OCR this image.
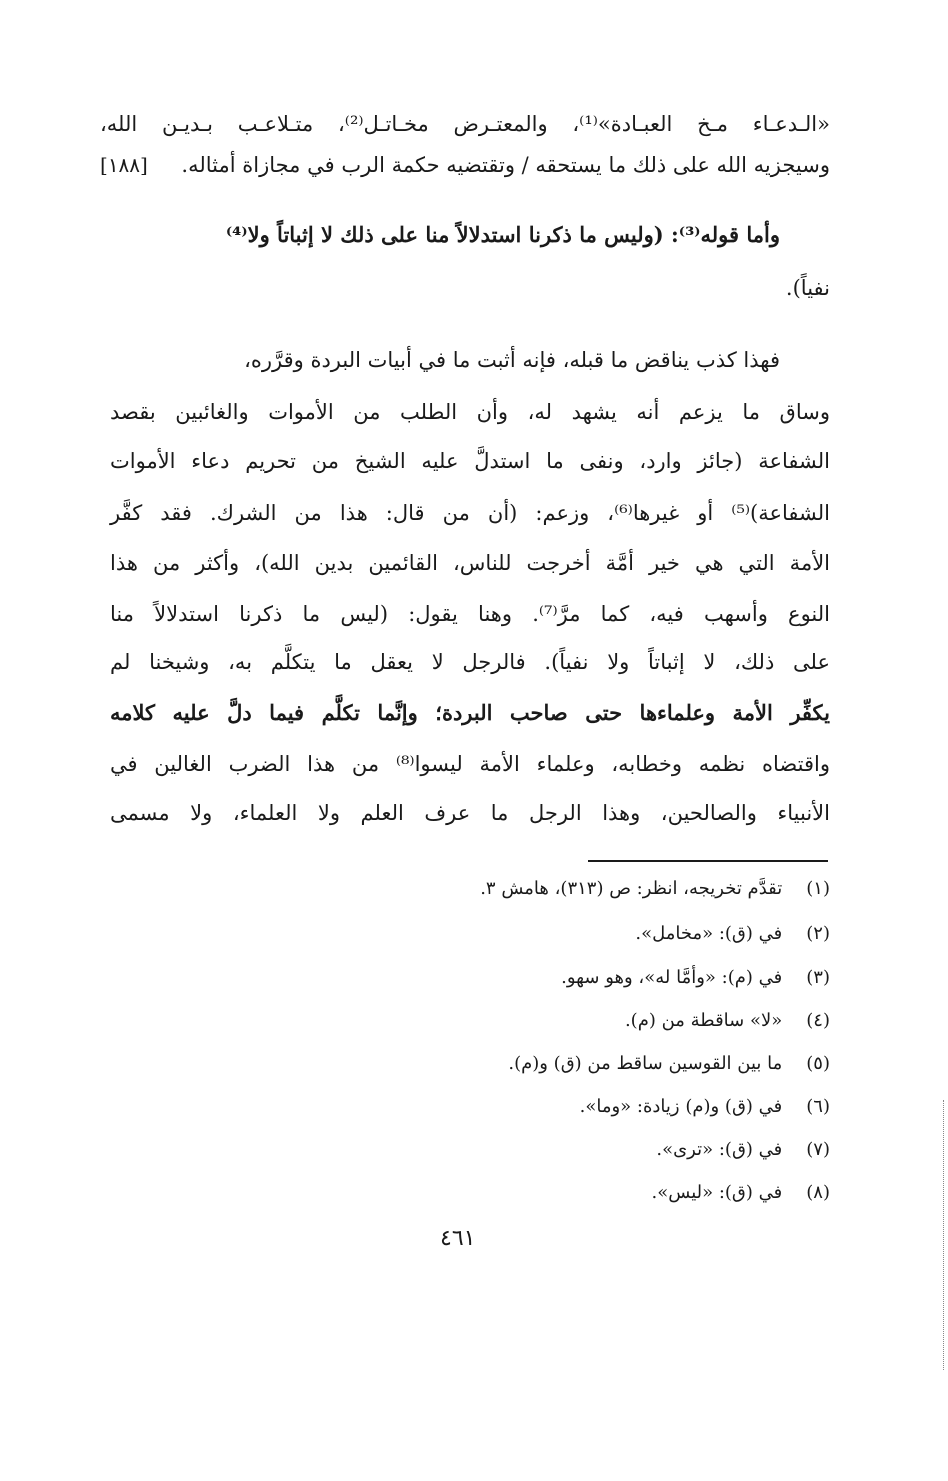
«الـدعـاء مـخ العبـادة»⁽¹⁾، والمعتـرض مخـاتـل⁽²⁾، متـلاعـب بـديـن الله،
وسيجزيه الله على ذلك ما يستحقه / وتقتضيه حكمة الرب في مجازاة أمثاله.
[١٨٨]
وأما قوله⁽³⁾: (وليس ما ذكرنا استدلالاً منا على ذلك لا إثباتاً ولا⁽⁴⁾
نفياً).
فهذا كذب يناقض ما قبله، فإنه أثبت ما في أبيات البردة وقرَّره،
وساق ما يزعم أنه يشهد له، وأن الطلب من الأموات والغائبين بقصد
الشفاعة (جائز وارد، ونفى ما استدلَّ عليه الشيخ من تحريم دعاء الأموات
الشفاعة)⁽⁵⁾ أو غيرها⁽⁶⁾، وزعم: (أن من قال: هذا من الشرك. فقد كفَّر
الأمة التي هي خير أمَّة أخرجت للناس، القائمين بدين الله)، وأكثر من هذا
النوع وأسهب فيه، كما مرَّ⁽⁷⁾. وهنا يقول: (ليس ما ذكرنا استدلالاً منا
على ذلك، لا إثباتاً ولا نفياً). فالرجل لا يعقل ما يتكلَّم به، وشيخنا لم
يكفِّر الأمة وعلماءها حتى صاحب البردة؛ وإنَّما تكلَّم فيما دلَّ عليه كلامه
واقتضاه نظمه وخطابه، وعلماء الأمة ليسوا⁽⁸⁾ من هذا الضرب الغالين في
الأنبياء والصالحين، وهذا الرجل ما عرف العلم ولا العلماء، ولا مسمى
(١) تقدَّم تخريجه، انظر: ص (٣١٣)، هامش ٣.
(٢) في (ق): «مخامل».
(٣) في (م): «وأمَّا له»، وهو سهو.
(٤) «لا» ساقطة من (م).
(٥) ما بين القوسين ساقط من (ق) و(م).
(٦) في (ق) و(م) زيادة: «وما».
(٧) في (ق): «ترى».
(٨) في (ق): «ليس».
٤٦١
